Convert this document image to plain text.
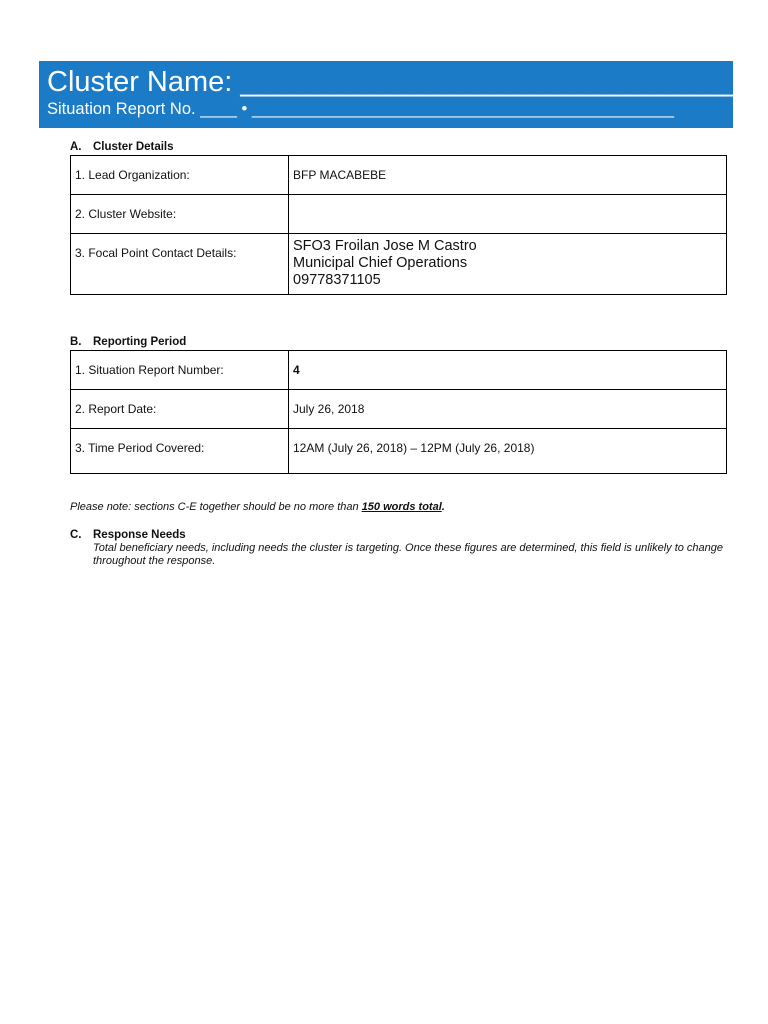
Cluster Name: ________________________________
Situation Report No. ____ • ______________________________________________
A. Cluster Details
1. Lead Organization:	BFP MACABEBE

2. Cluster Website:	

3. Focal Point Contact Details:	SFO3 Froilan Jose M Castro
Municipal Chief Operations
09778371105
B. Reporting Period
1. Situation Report Number:	4

2. Report Date:	July 26, 2018

3. Time Period Covered:	12AM (July 26, 2018) – 12PM (July 26, 2018)
Please note: sections C-E together should be no more than 150 words total.
C. Response Needs
Total beneficiary needs, including needs the cluster is targeting. Once these figures are determined, this field is unlikely to change throughout the response.
